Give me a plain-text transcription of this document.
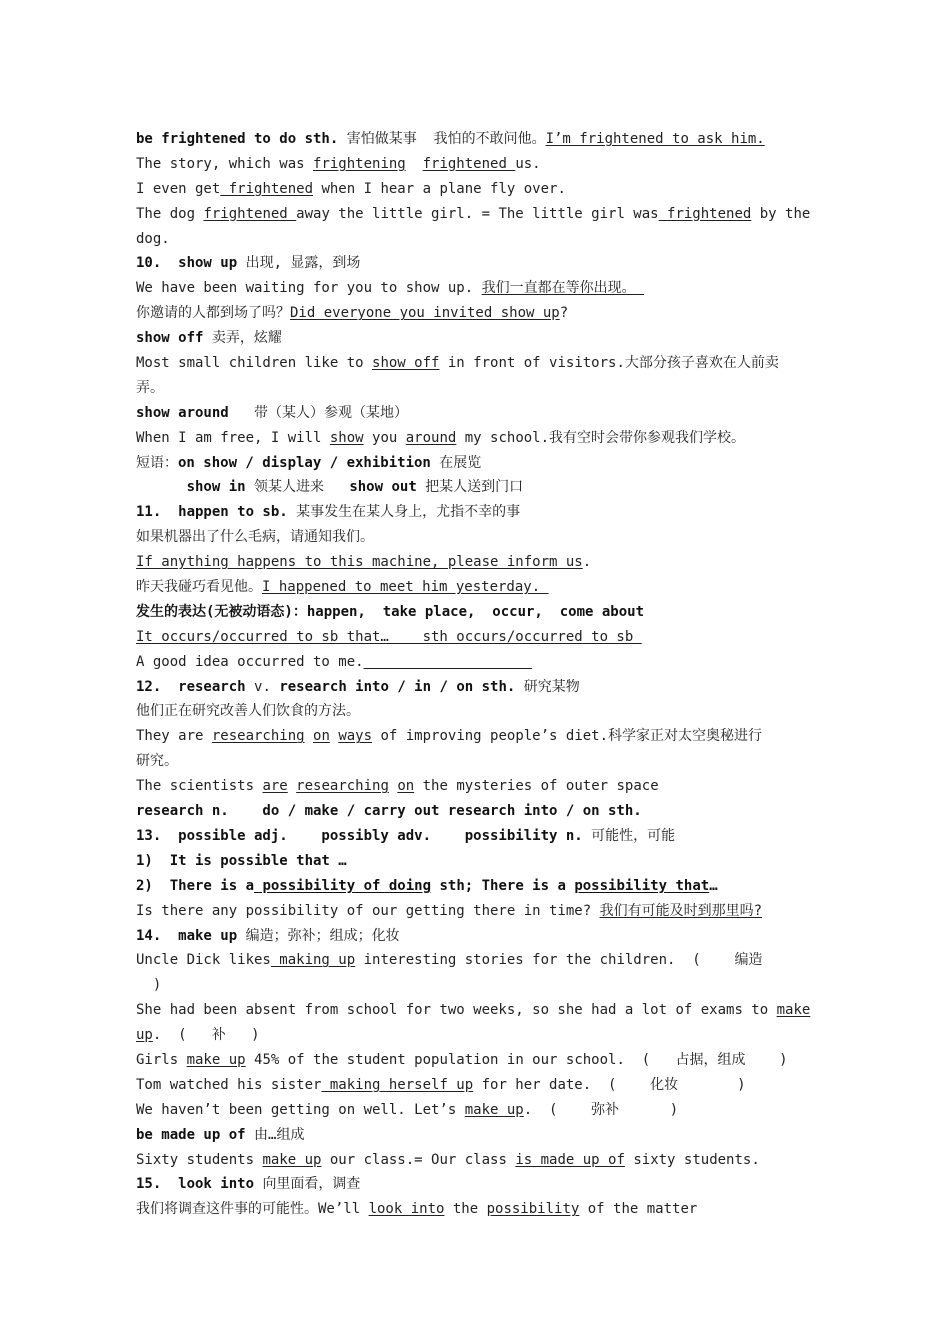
be frightened to do sth. 害怕做某事  我怕的不敢问他。I’m frightened to ask him.
The story, which was frightening frightened us.
I even get frightened when I hear a plane fly over.
The dog frightened away the little girl. = The little girl was frightened by the
dog.
10.  show up 出现, 显露，到场
We have been waiting for you to show up. 我们一直都在等你出现。
你邀请的人都到场了吗？Did everyone you invited show up?
show off 卖弄，炫耀
Most small children like to show off in front of visitors.大部分孩子喜欢在人前卖
弄。
show around   带（某人）参观（某地）
When I am free, I will show you around my school.我有空时会带你参观我们学校。
短语：on show / display / exhibition 在展览
show in 领某人进来   show out 把某人送到门口
11.  happen to sb. 某事发生在某人身上，尤指不幸的事
如果机器出了什么毛病，请通知我们。
If anything happens to this machine, please inform us.
昨天我碰巧看见他。I happened to meet him yesterday.
发生的表达(无被动语态)：happen,  take place,  occur,  come about
It occurs/occurred to sb that…    sth occurs/occurred to sb
A good idea occurred to me.
12.  research v. research into / in / on sth. 研究某物
他们正在研究改善人们饮食的方法。
They are researching on ways of improving people’s diet.科学家正对太空奥秘进行
研究。
The scientists are researching on the mysteries of outer space
research n.    do / make / carry out research into / on sth.
13.  possible adj.    possibly adv.    possibility n. 可能性，可能
1)  It is possible that …
2)  There is a possibility of doing sth; There is a possibility that…
Is there any possibility of our getting there in time? 我们有可能及时到那里吗?
14.  make up 编造；弥补；组成；化妆
Uncle Dick likes making up interesting stories for the children.  (    编造
)
She had been absent from school for two weeks, so she had a lot of exams to make
up.  (   补   )
Girls make up 45% of the student population in our school.  (   占据，组成    )
Tom watched his sister making herself up for her date.  (    化妆       )
We haven’t been getting on well. Let’s make up.  (    弥补      )
be made up of 由…组成
Sixty students make up our class.= Our class is made up of sixty students.
15.  look into 向里面看，调查
我们将调查这件事的可能性。We’ll look into the possibility of the matter
